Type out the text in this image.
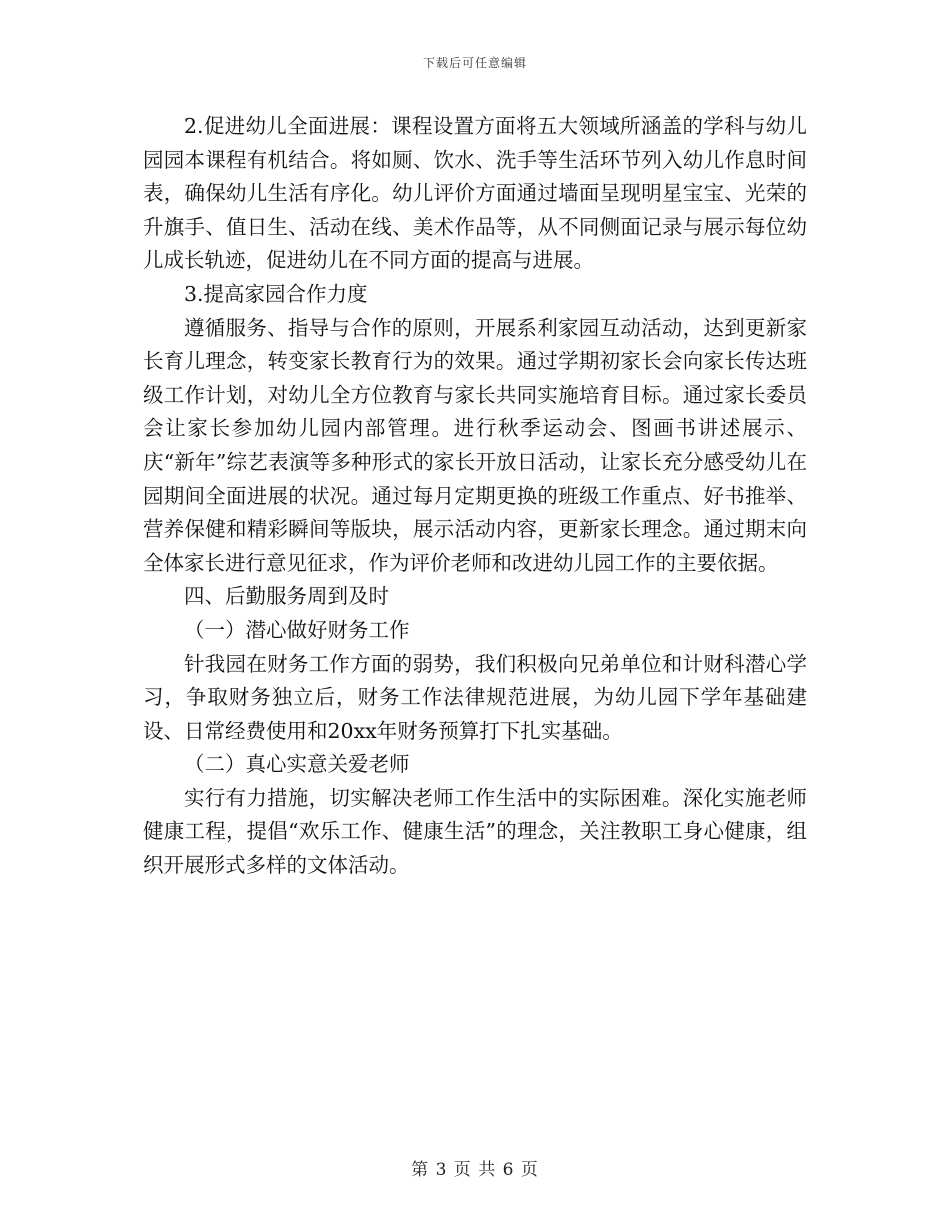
下载后可任意编辑

2.促进幼儿全面进展：课程设置方面将五大领域所涵盖的学科与幼儿园园本课程有机结合。将如厕、饮水、洗手等生活环节列入幼儿作息时间表，确保幼儿生活有序化。幼儿评价方面通过墙面呈现明星宝宝、光荣的升旗手、值日生、活动在线、美术作品等，从不同侧面记录与展示每位幼儿成长轨迹，促进幼儿在不同方面的提高与进展。

3.提高家园合作力度

遵循服务、指导与合作的原则，开展系利家园互动活动，达到更新家长育儿理念，转变家长教育行为的效果。通过学期初家长会向家长传达班级工作计划，对幼儿全方位教育与家长共同实施培育目标。通过家长委员会让家长参加幼儿园内部管理。进行秋季运动会、图画书讲述展示、庆“新年”综艺表演等多种形式的家长开放日活动，让家长充分感受幼儿在园期间全面进展的状况。通过每月定期更换的班级工作重点、好书推举、营养保健和精彩瞬间等版块，展示活动内容，更新家长理念。通过期末向全体家长进行意见征求，作为评价老师和改进幼儿园工作的主要依据。

四、后勤服务周到及时

（一）潜心做好财务工作

针我园在财务工作方面的弱势，我们积极向兄弟单位和计财科潜心学习，争取财务独立后，财务工作法律规范进展，为幼儿园下学年基础建设、日常经费使用和20xx年财务预算打下扎实基础。

（二）真心实意关爱老师

实行有力措施，切实解决老师工作生活中的实际困难。深化实施老师健康工程，提倡“欢乐工作、健康生活”的理念，关注教职工身心健康，组织开展形式多样的文体活动。

第 3 页 共 6 页
